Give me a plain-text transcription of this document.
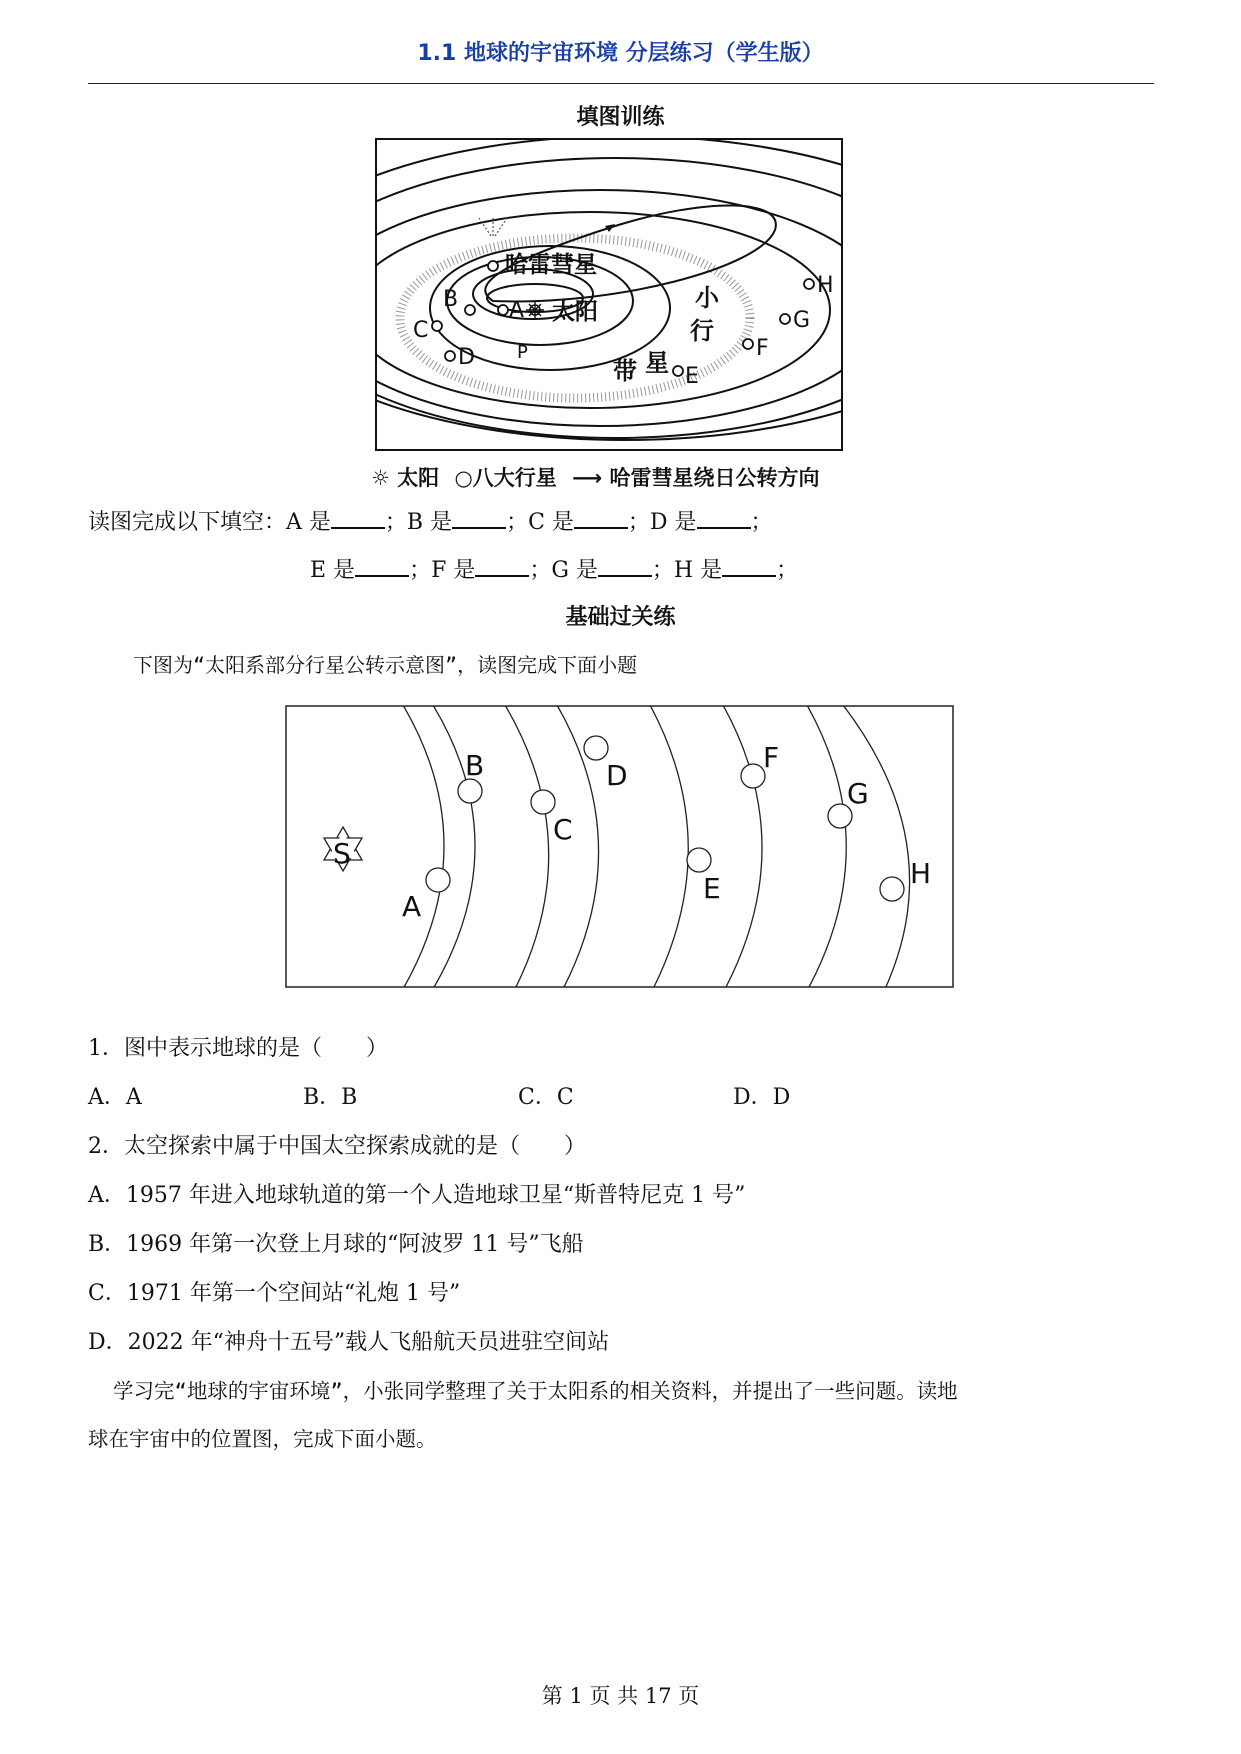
1.1 地球的宇宙环境 分层练习（学生版）
填图训练
哈雷彗星
太阳	小
行
带 星
A
B
C
D
E
F
G
H
P
☼ 太阳 ○八大行星 ⟶ 哈雷彗星绕日公转方向
读图完成以下填空：A 是 ；B 是 ；C 是 ；D 是 ；
E 是 ；F 是 ；G 是 ；H 是 ；
基础过关练
下图为“太阳系部分行星公转示意图”，读图完成下面小题
S
A
B
C
D
E
F
G
H
1．图中表示地球的是（　　）
A．A	B．B	C．C	D．D
2．太空探索中属于中国太空探索成就的是（　　）
A．1957 年进入地球轨道的第一个人造地球卫星“斯普特尼克 1 号”
B．1969 年第一次登上月球的“阿波罗 11 号”飞船
C．1971 年第一个空间站“礼炮 1 号”
D．2022 年“神舟十五号”载人飞船航天员进驻空间站
学习完“地球的宇宙环境”，小张同学整理了关于太阳系的相关资料，并提出了一些问题。读地
球在宇宙中的位置图，完成下面小题。
第 1 页 共 17 页
